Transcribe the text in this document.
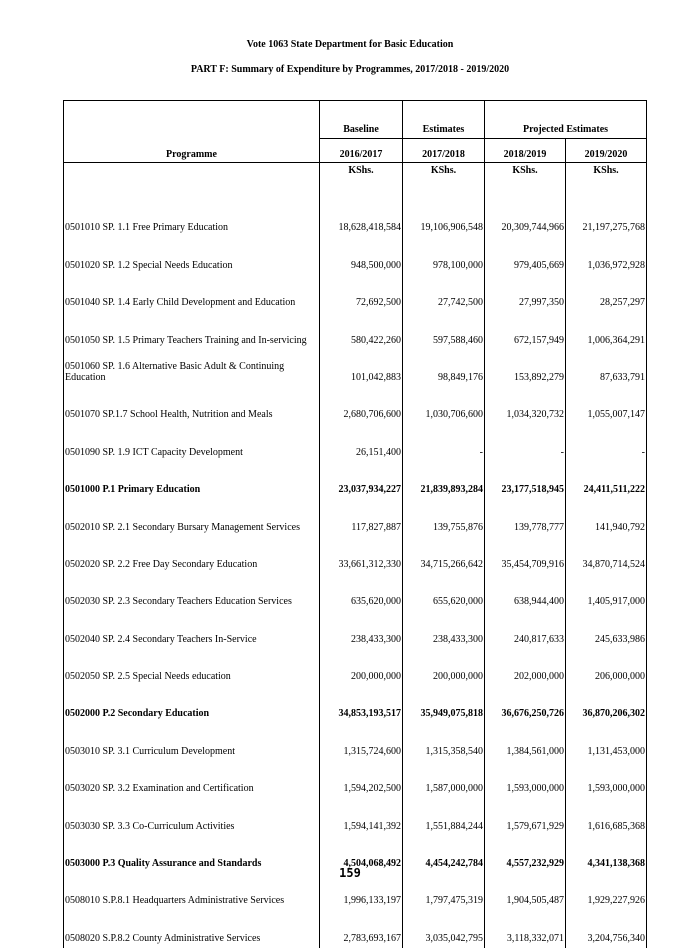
Vote 1063 State Department for Basic Education
PART F: Summary of Expenditure by Programmes, 2017/2018 - 2019/2020
Programme	Baseline	Estimates	Projected Estimates	
	2016/2017	2017/2018	2018/2019	2019/2020
	KShs.	KShs.	KShs.	KShs.
0501010 SP. 1.1 Free Primary Education	18,628,418,584	19,106,906,548	20,309,744,966	21,197,275,768
0501020 SP. 1.2 Special Needs Education	948,500,000	978,100,000	979,405,669	1,036,972,928
0501040 SP. 1.4 Early Child Development and Education	72,692,500	27,742,500	27,997,350	28,257,297
0501050 SP. 1.5 Primary Teachers Training and In-servicing	580,422,260	597,588,460	672,157,949	1,006,364,291
0501060 SP. 1.6 Alternative Basic Adult & Continuing Education	101,042,883	98,849,176	153,892,279	87,633,791
0501070 SP.1.7 School Health, Nutrition and Meals	2,680,706,600	1,030,706,600	1,034,320,732	1,055,007,147
0501090 SP. 1.9 ICT Capacity Development	26,151,400	-	-	-
0501000 P.1 Primary Education	23,037,934,227	21,839,893,284	23,177,518,945	24,411,511,222
0502010 SP. 2.1 Secondary Bursary Management Services	117,827,887	139,755,876	139,778,777	141,940,792
0502020 SP. 2.2 Free Day Secondary Education	33,661,312,330	34,715,266,642	35,454,709,916	34,870,714,524
0502030 SP. 2.3 Secondary Teachers Education Services	635,620,000	655,620,000	638,944,400	1,405,917,000
0502040 SP. 2.4 Secondary Teachers In-Service	238,433,300	238,433,300	240,817,633	245,633,986
0502050 SP. 2.5 Special Needs education	200,000,000	200,000,000	202,000,000	206,000,000
0502000 P.2 Secondary Education	34,853,193,517	35,949,075,818	36,676,250,726	36,870,206,302
0503010 SP. 3.1 Curriculum Development	1,315,724,600	1,315,358,540	1,384,561,000	1,131,453,000
0503020 SP. 3.2 Examination and Certification	1,594,202,500	1,587,000,000	1,593,000,000	1,593,000,000
0503030 SP. 3.3 Co-Curriculum Activities	1,594,141,392	1,551,884,244	1,579,671,929	1,616,685,368
0503000 P.3 Quality Assurance and Standards	4,504,068,492	4,454,242,784	4,557,232,929	4,341,138,368
0508010 S.P.8.1 Headquarters Administrative Services	1,996,133,197	1,797,475,319	1,904,505,487	1,929,227,926
0508020 S.P.8.2 County Administrative Services	2,783,693,167	3,035,042,795	3,118,332,071	3,204,756,340
159
